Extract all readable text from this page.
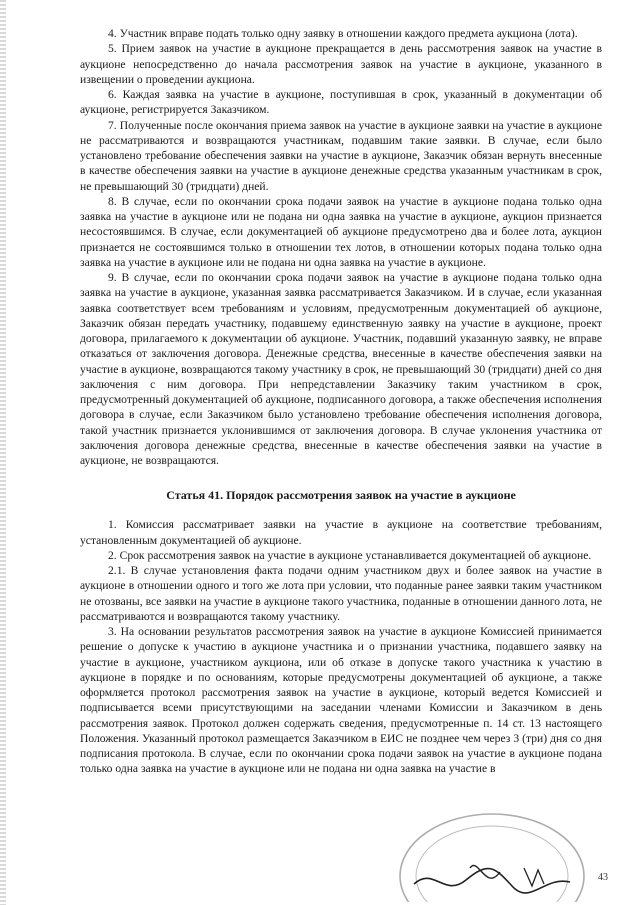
4. Участник вправе подать только одну заявку в отношении каждого предмета аукциона (лота).

5. Прием заявок на участие в аукционе прекращается в день рассмотрения заявок на участие в аукционе непосредственно до начала рассмотрения заявок на участие в аукционе, указанного в извещении о проведении аукциона.

6. Каждая заявка на участие в аукционе, поступившая в срок, указанный в документации об аукционе, регистрируется Заказчиком.

7. Полученные после окончания приема заявок на участие в аукционе заявки на участие в аукционе не рассматриваются и возвращаются участникам, подавшим такие заявки. В случае, если было установлено требование обеспечения заявки на участие в аукционе, Заказчик обязан вернуть внесенные в качестве обеспечения заявки на участие в аукционе денежные средства указанным участникам в срок, не превышающий 30 (тридцати) дней.

8. В случае, если по окончании срока подачи заявок на участие в аукционе подана только одна заявка на участие в аукционе или не подана ни одна заявка на участие в аукционе, аукцион признается несостоявшимся. В случае, если документацией об аукционе предусмотрено два и более лота, аукцион признается не состоявшимся только в отношении тех лотов, в отношении которых подана только одна заявка на участие в аукционе или не подана ни одна заявка на участие в аукционе.

9. В случае, если по окончании срока подачи заявок на участие в аукционе подана только одна заявка на участие в аукционе, указанная заявка рассматривается Заказчиком. И в случае, если указанная заявка соответствует всем требованиям и условиям, предусмотренным документацией об аукционе, Заказчик обязан передать участнику, подавшему единственную заявку на участие в аукционе, проект договора, прилагаемого к документации об аукционе. Участник, подавший указанную заявку, не вправе отказаться от заключения договора. Денежные средства, внесенные в качестве обеспечения заявки на участие в аукционе, возвращаются такому участнику в срок, не превышающий 30 (тридцати) дней со дня заключения с ним договора. При непредставлении Заказчику таким участником в срок, предусмотренный документацией об аукционе, подписанного договора, а также обеспечения исполнения договора в случае, если Заказчиком было установлено требование обеспечения исполнения договора, такой участник признается уклонившимся от заключения договора. В случае уклонения участника от заключения договора денежные средства, внесенные в качестве обеспечения заявки на участие в аукционе, не возвращаются.

Статья 41. Порядок рассмотрения заявок на участие в аукционе

1. Комиссия рассматривает заявки на участие в аукционе на соответствие требованиям, установленным документацией об аукционе.

2. Срок рассмотрения заявок на участие в аукционе устанавливается документацией об аукционе.

2.1. В случае установления факта подачи одним участником двух и более заявок на участие в аукционе в отношении одного и того же лота при условии, что поданные ранее заявки таким участником не отозваны, все заявки на участие в аукционе такого участника, поданные в отношении данного лота, не рассматриваются и возвращаются такому участнику.

3. На основании результатов рассмотрения заявок на участие в аукционе Комиссией принимается решение о допуске к участию в аукционе участника и о признании участника, подавшего заявку на участие в аукционе, участником аукциона, или об отказе в допуске такого участника к участию в аукционе в порядке и по основаниям, которые предусмотрены документацией об аукционе, а также оформляется протокол рассмотрения заявок на участие в аукционе, который ведется Комиссией и подписывается всеми присутствующими на заседании членами Комиссии и Заказчиком в день рассмотрения заявок. Протокол должен содержать сведения, предусмотренные п. 14 ст. 13 настоящего Положения. Указанный протокол размещается Заказчиком в ЕИС не позднее чем через 3 (три) дня со дня подписания протокола. В случае, если по окончании срока подачи заявок на участие в аукционе подана только одна заявка на участие в аукционе или не подана ни одна заявка на участие в

43
